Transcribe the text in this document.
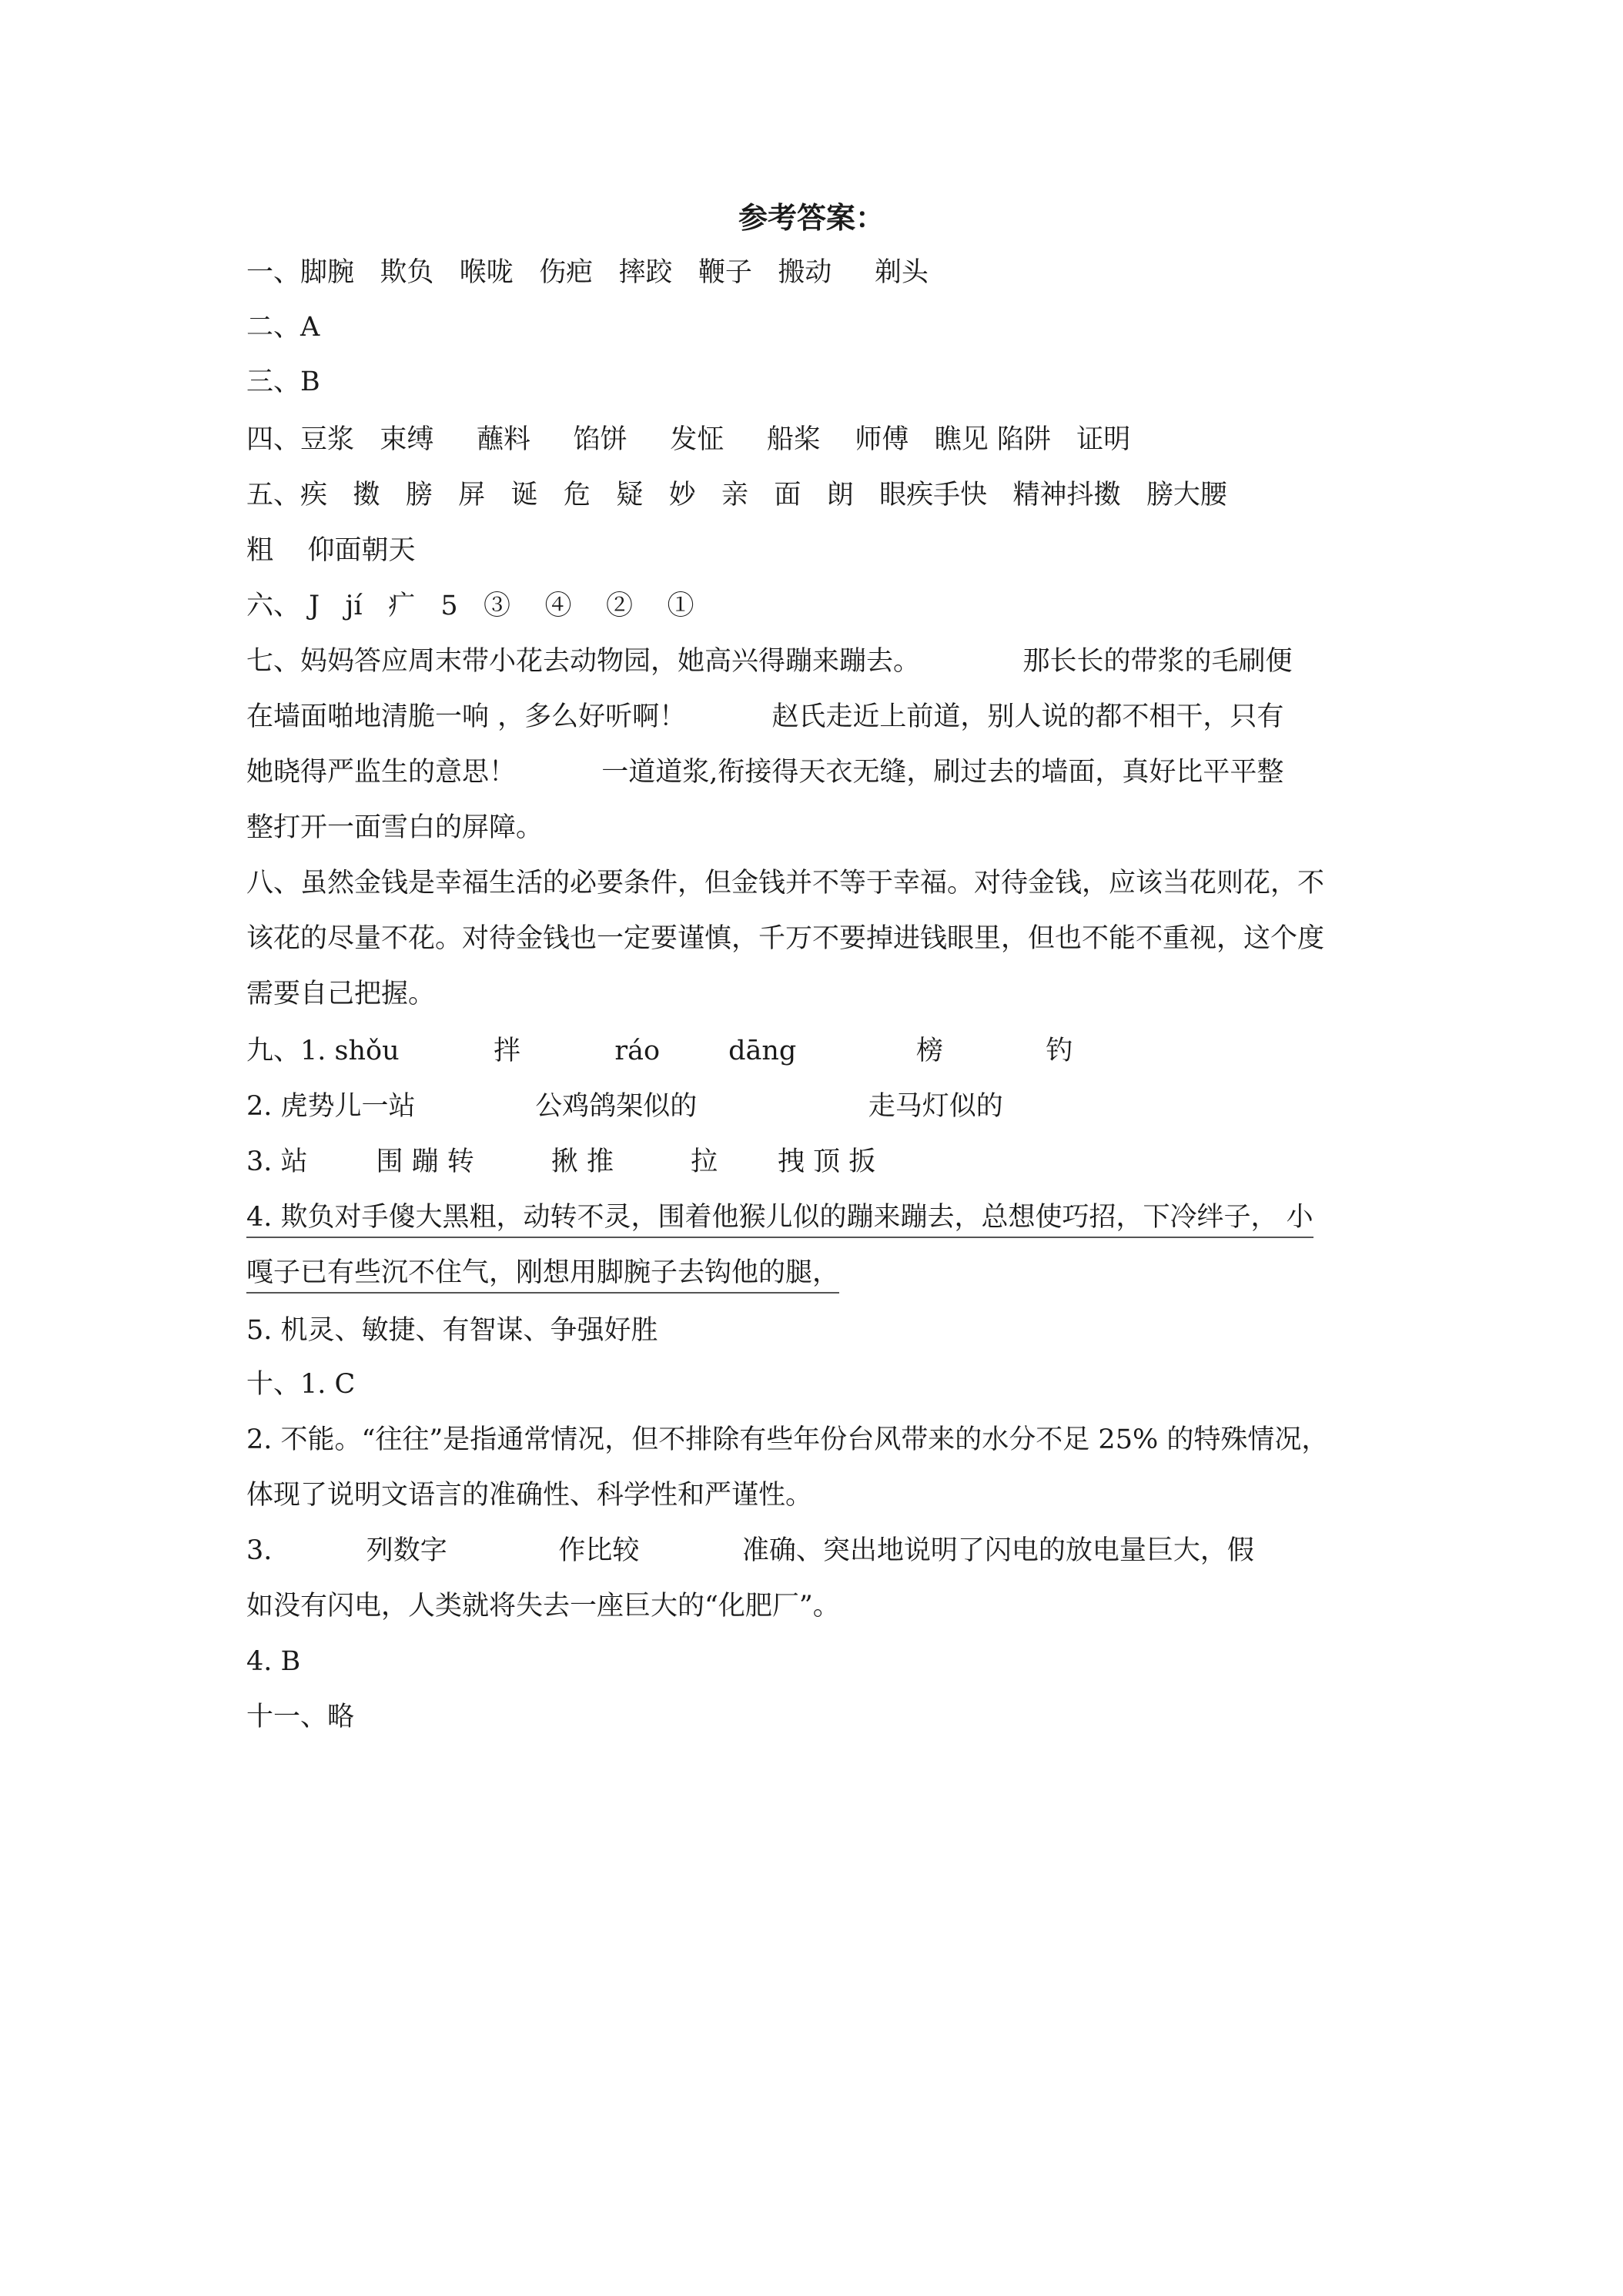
参考答案：
一、脚腕   欺负   喉咙   伤疤   摔跤   鞭子   搬动     剃头
二、A
三、B
四、豆浆   束缚     蘸料     馅饼     发怔     船桨    师傅   瞧见 陷阱   证明
五、疾   擞   膀   屏   诞   危   疑   妙   亲   面   朗   眼疾手快   精神抖擞   膀大腰
粗    仰面朝天
六、 J   jí   疒   5   ③    ④    ②    ①
七、妈妈答应周末带小花去动物园，她高兴得蹦来蹦去。            那长长的带浆的毛刷便
在墙面啪地清脆一响 ，多么好听啊！          赵氏走近上前道，别人说的都不相干，只有
她晓得严监生的意思！          一道道浆,衔接得天衣无缝，刷过去的墙面，真好比平平整
整打开一面雪白的屏障。
八、虽然金钱是幸福生活的必要条件，但金钱并不等于幸福。对待金钱，应该当花则花，不
该花的尽量不花。对待金钱也一定要谨慎，千万不要掉进钱眼里，但也不能不重视，这个度
需要自己把握。
九、1. shǒu           拌           ráo        dāng              榜            钓
2. 虎势儿一站              公鸡鸽架似的                    走马灯似的
3. 站        围 蹦 转         揪 推         拉       拽 顶 扳
4. 欺负对手傻大黑粗，动转不灵，围着他猴儿似的蹦来蹦去，总想使巧招，下冷绊子， 小
嘎子已有些沉不住气，刚想用脚腕子去钩他的腿，
5. 机灵、敏捷、有智谋、争强好胜
十、1. C
2. 不能。“往往”是指通常情况，但不排除有些年份台风带来的水分不足 25% 的特殊情况，
体现了说明文语言的准确性、科学性和严谨性。
3.           列数字             作比较            准确、突出地说明了闪电的放电量巨大，假
如没有闪电，人类就将失去一座巨大的“化肥厂”。
4. B
十一、略
